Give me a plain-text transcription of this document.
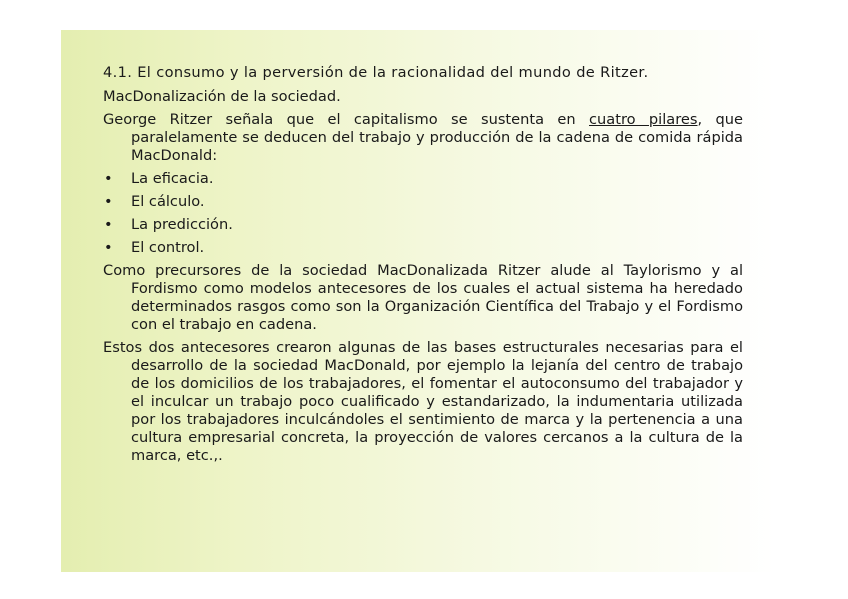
4.1. El consumo y la perversión de la racionalidad del mundo de Ritzer.
MacDonalización de la sociedad.

George Ritzer señala que el capitalismo se sustenta en cuatro pilares, que paralelamente se deducen del trabajo y producción de la cadena de comida rápida MacDonald:

• La eficacia.
• El cálculo.
• La predicción.
• El control.

Como precursores de la sociedad MacDonalizada Ritzer alude al Taylorismo y al Fordismo como modelos antecesores de los cuales el actual sistema ha heredado determinados rasgos como son la Organización Científica del Trabajo y el Fordismo con el trabajo en cadena.

Estos dos antecesores crearon algunas de las bases estructurales necesarias para el desarrollo de la sociedad MacDonald, por ejemplo la lejanía del centro de trabajo de los domicilios de los trabajadores, el fomentar el autoconsumo del trabajador y el inculcar un trabajo poco cualificado y estandarizado, la indumentaria utilizada por los trabajadores inculcándoles el sentimiento de marca y la pertenencia a una cultura empresarial concreta, la proyección de valores cercanos a la cultura de la marca, etc.,.
